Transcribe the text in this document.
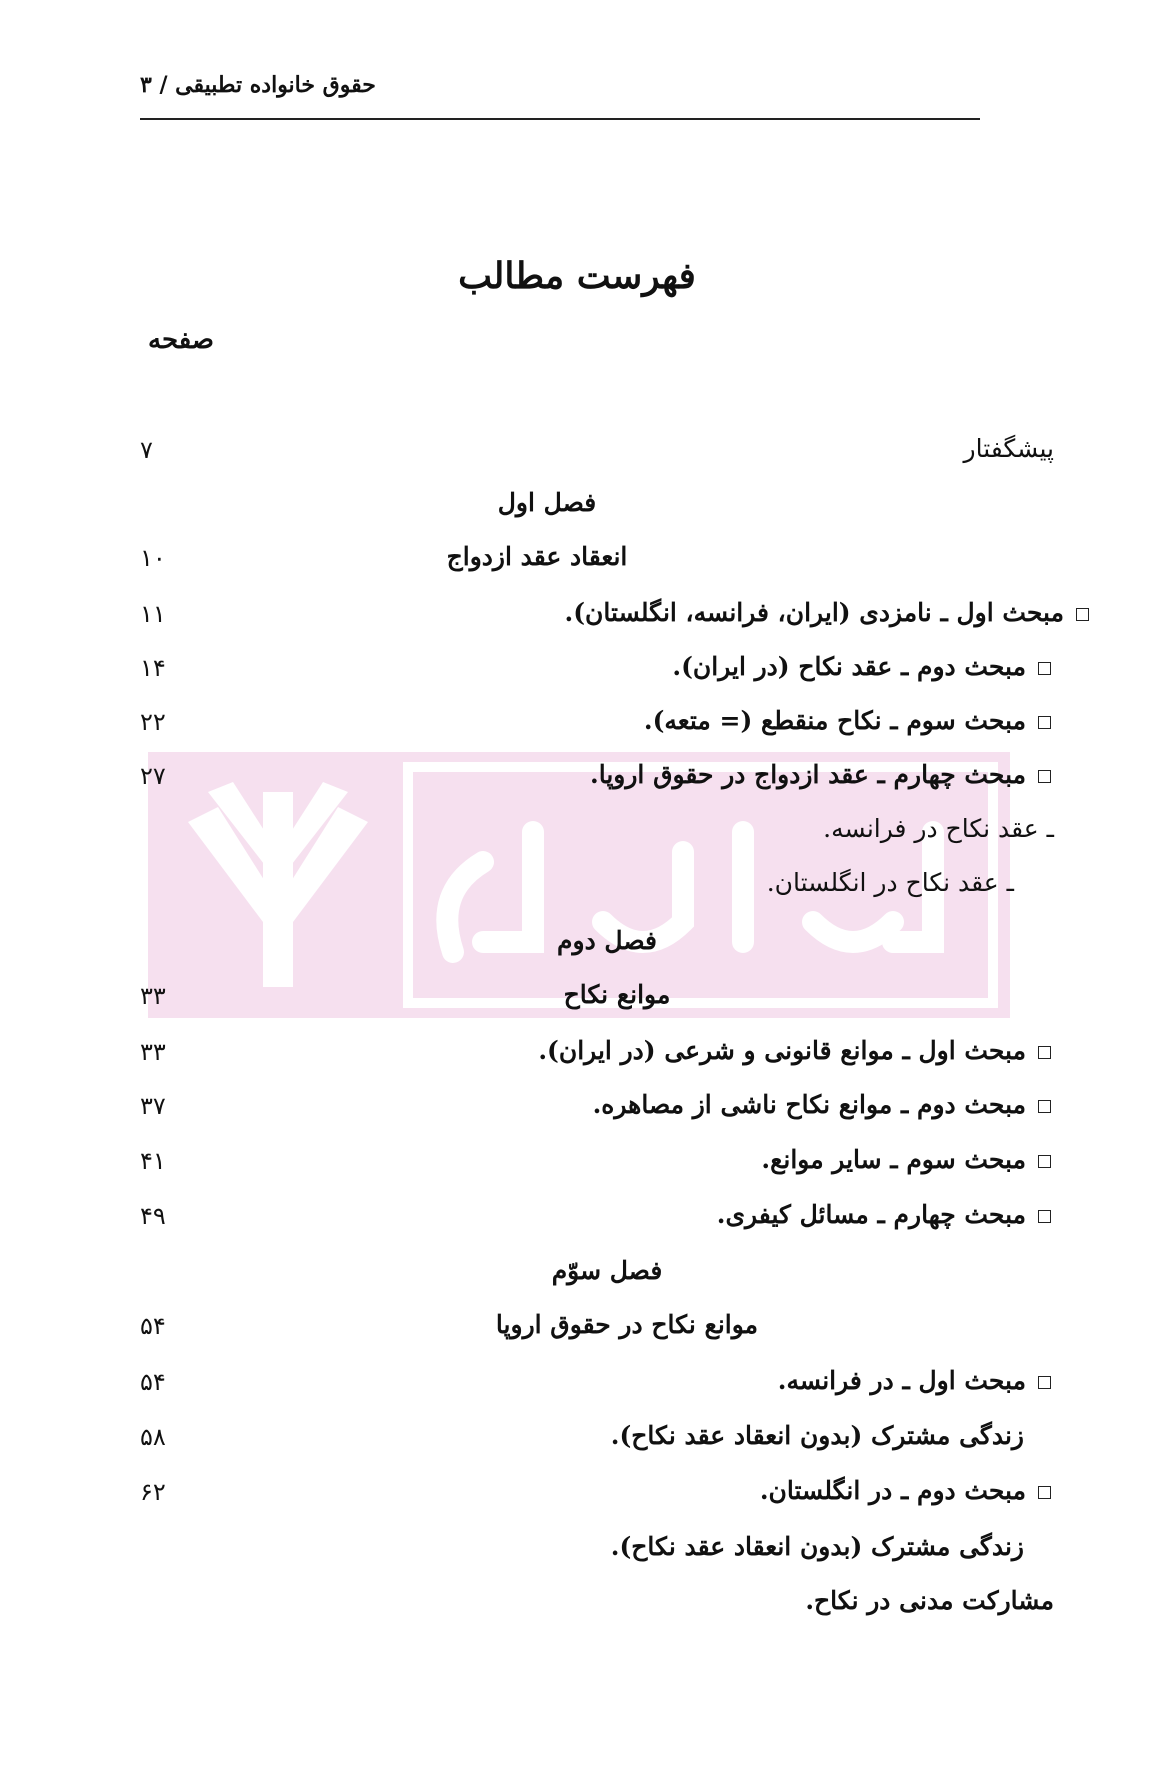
حقوق خانواده تطبیقی / ۳
فهرست مطالب
صفحه
پیشگفتار
۷
فصل اول
انعقاد عقد ازدواج
۱۰
مبحث اول ـ نامزدی (ایران، فرانسه، انگلستان).
۱۱
مبحث دوم ـ عقد نکاح (در ایران).
۱۴
مبحث سوم ـ نکاح منقطع (= متعه).
۲۲
مبحث چهارم ـ عقد ازدواج در حقوق اروپا.
۲۷
ـ عقد نکاح در فرانسه.
ـ عقد نکاح در انگلستان.
فصل دوم
موانع نکاح
۳۳
مبحث اول ـ موانع قانونی و شرعی (در ایران).
۳۳
مبحث دوم ـ موانع نکاح ناشی از مصاهره.
۳۷
مبحث سوم ـ سایر موانع.
۴۱
مبحث چهارم ـ مسائل کیفری.
۴۹
فصل سوّم
موانع نکاح در حقوق اروپا
۵۴
مبحث اول ـ در فرانسه.
۵۴
زندگی مشترک (بدون انعقاد عقد نکاح).
۵۸
مبحث دوم ـ در انگلستان.
۶۲
زندگی مشترک (بدون انعقاد عقد نکاح).
مشارکت مدنی در نکاح.
